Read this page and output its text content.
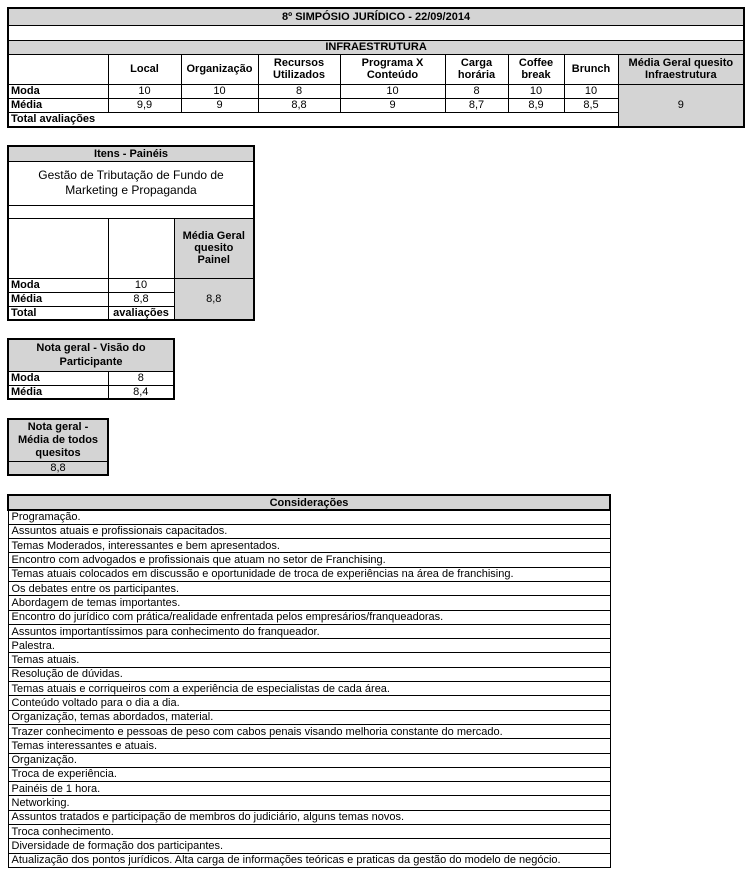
8º SIMPÓSIO JURÍDICO - 22/09/2014								

INFRAESTRUTURA								
	Local	Organização	Recursos Utilizados	Programa X Conteúdo	Carga horária	Coffee break	Brunch	Média Geral quesito Infraestrutura
Moda	10	10	8	10	8	10	10	9
Média	9,9	9	8,8	9	8,7	8,9	8,5	
Total avaliações								
Itens - Painéis		
Gestão de Tributação de Fundo de Marketing e Propaganda		

		Média Geral quesito Painel
Moda	10	8,8
Média	8,8	
Total	avaliações	
Nota geral - Visão do Participante	
Moda	8
Média	8,4
Nota geral - Média de todos quesitos
8,8
Considerações
Programação.
Assuntos atuais e profissionais capacitados.
Temas Moderados, interessantes e bem apresentados.
Encontro com advogados e profissionais que atuam no setor de Franchising.
Temas atuais colocados em discussão e oportunidade de troca de experiências na área de franchising.
Os debates entre os participantes.
Abordagem de temas importantes.
Encontro do jurídico com prática/realidade enfrentada pelos empresários/franqueadoras.
Assuntos importantíssimos para conhecimento do franqueador.
Palestra.
Temas atuais.
Resolução de dúvidas.
Temas atuais e corriqueiros com a experiência de especialistas de cada área.
Conteúdo voltado para o dia a dia.
Organização, temas abordados, material.
Trazer conhecimento e pessoas de peso com cabos penais visando melhoria constante do mercado.
Temas interessantes e atuais.
Organização.
Troca de experiência.
Painéis de 1 hora.
Networking.
Assuntos tratados e participação de membros do judiciário, alguns temas novos.
Troca conhecimento.
Diversidade de formação dos participantes.
Atualização dos pontos jurídicos. Alta carga de informações teóricas e praticas da gestão do modelo de negócio.
